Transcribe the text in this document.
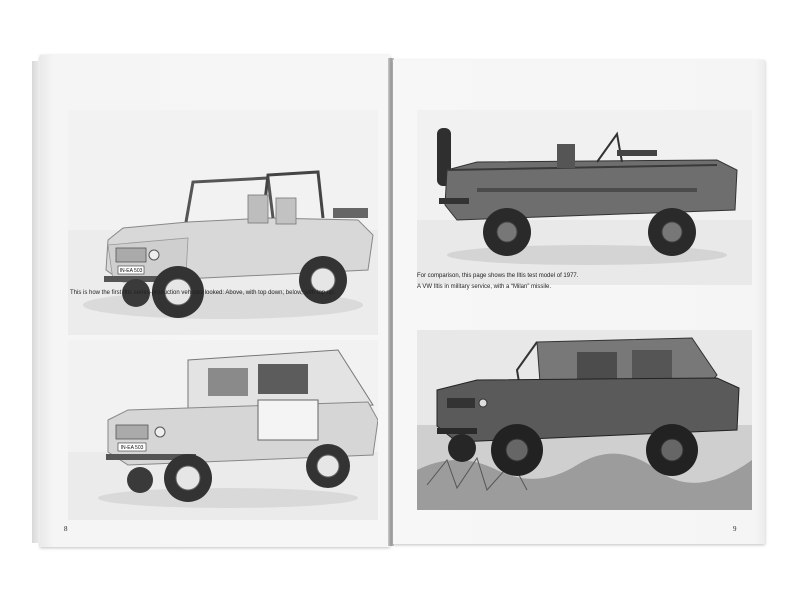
IN-EA 503
This is how the first Iltis series-production vehicles looked: Above, with top down; below, with top up.
IN-EA 503
8
For comparison, this page shows the Iltis test model of 1977.
A VW Iltis in military service, with a “Milan” missile.
9
